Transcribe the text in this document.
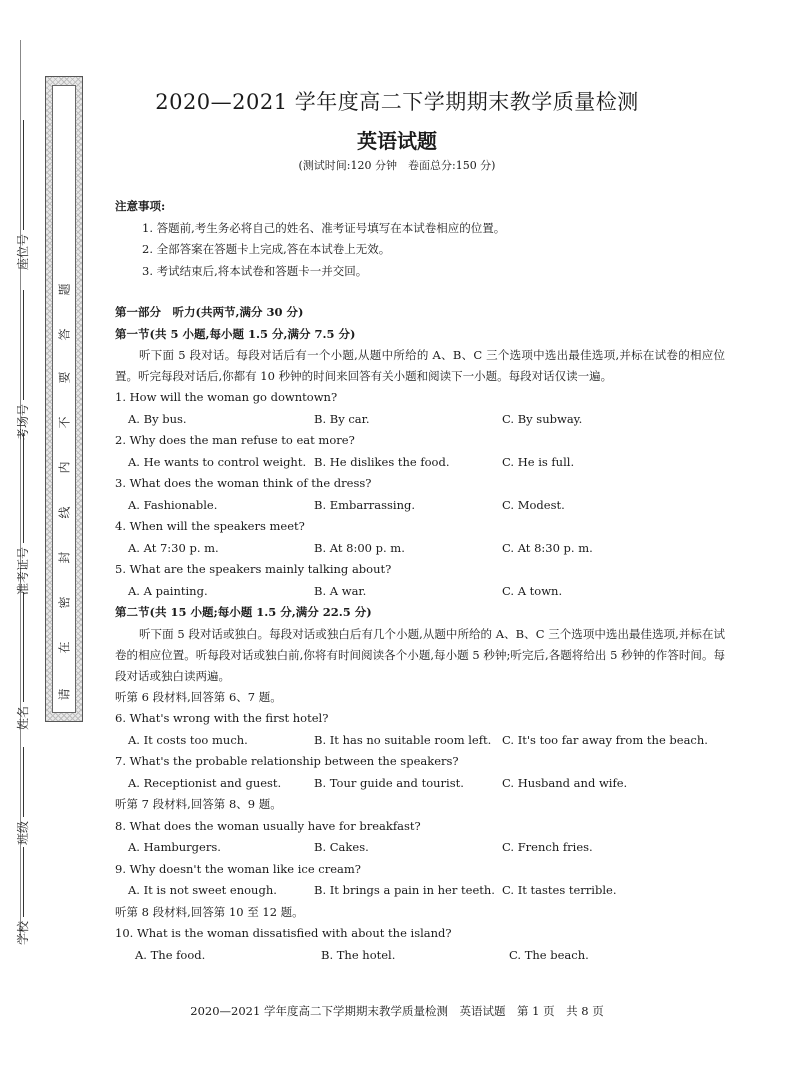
座位号
考场号
准考证号
姓名
班级
学校
请
在
密
封
线
内
不
要
答
题
2020—2021 学年度高二下学期期末教学质量检测
英语试题
(测试时间:120 分钟　卷面总分:150 分)
注意事项:
1. 答题前,考生务必将自己的姓名、准考证号填写在本试卷相应的位置。
2. 全部答案在答题卡上完成,答在本试卷上无效。
3. 考试结束后,将本试卷和答题卡一并交回。
第一部分　听力(共两节,满分 30 分)
第一节(共 5 小题,每小题 1.5 分,满分 7.5 分)
听下面 5 段对话。每段对话后有一个小题,从题中所给的 A、B、C 三个选项中选出最佳选项,并标在试卷的相应位置。听完每段对话后,你都有 10 秒钟的时间来回答有关小题和阅读下一小题。每段对话仅读一遍。
1. How will the woman go downtown?
A. By bus.	B. By car.	C. By subway.
2. Why does the man refuse to eat more?
A. He wants to control weight. B. He dislikes the food.	C. He is full.
3. What does the woman think of the dress?
A. Fashionable.	B. Embarrassing.	C. Modest.
4. When will the speakers meet?
A. At 7:30 p. m.	B. At 8:00 p. m.	C. At 8:30 p. m.
5. What are the speakers mainly talking about?
A. A painting.	B. A war.	C. A town.
第二节(共 15 小题;每小题 1.5 分,满分 22.5 分)
听下面 5 段对话或独白。每段对话或独白后有几个小题,从题中所给的 A、B、C 三个选项中选出最佳选项,并标在试卷的相应位置。听每段对话或独白前,你将有时间阅读各个小题,每小题 5 秒钟;听完后,各题将给出 5 秒钟的作答时间。每段对话或独白读两遍。
听第 6 段材料,回答第 6、7 题。
6. What's wrong with the first hotel?
A. It costs too much.	B. It has no suitable room left. C. It's too far away from the beach.
7. What's the probable relationship between the speakers?
A. Receptionist and guest.	B. Tour guide and tourist.	C. Husband and wife.
听第 7 段材料,回答第 8、9 题。
8. What does the woman usually have for breakfast?
A. Hamburgers.	B. Cakes.	C. French fries.
9. Why doesn't the woman like ice cream?
A. It is not sweet enough.	B. It brings a pain in her teeth. C. It tastes terrible.
听第 8 段材料,回答第 10 至 12 题。
10. What is the woman dissatisfied with about the island?
A. The food.	B. The hotel.	C. The beach.
2020—2021 学年度高二下学期期末教学质量检测　英语试题　第 1 页　共 8 页
